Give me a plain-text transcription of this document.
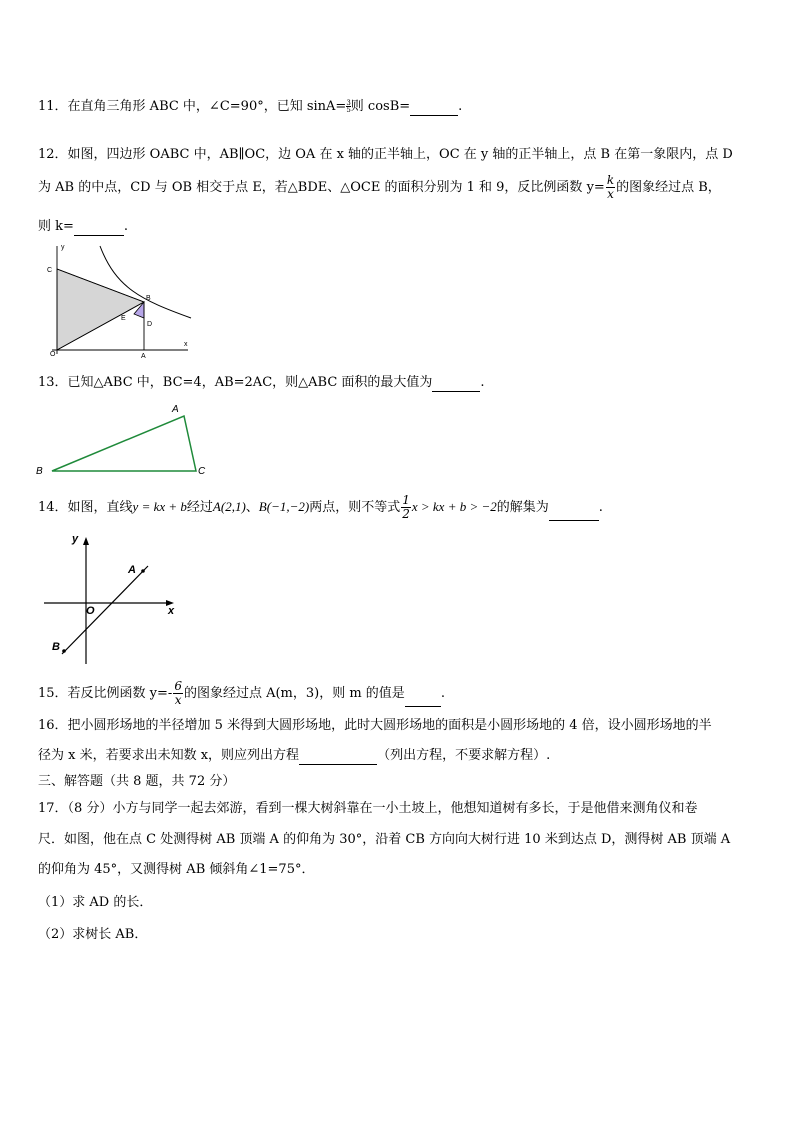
11．在直角三角形 ABC 中，∠C=90°，已知 $\sin A= \frac{3}{5}$ 则 cosB=	.
12．如图，四边形 OABC 中，AB∥OC，边 OA 在 x 轴的正半轴上，OC 在 y 轴的正半轴上，点 B 在第一象限内，点 D
为 AB 的中点，CD 与 OB 相交于点 E，若△BDE、△OCE 的面积分别为 1 和 9，反比例函数 $y= \frac{k}{x}$ 的图象经过点 B，
则 k=	.
y
x
C
B
E
D
O	A
13．已知△ABC 中，BC=4，AB=2AC，则△ABC 面积的最大值为	.
A
B	C
14．如图，直线y = kx + b经过A(2,1)、B(−1,−2)两点，则不等式 $\frac{1}{2}$ x > kx + b > −2的解集为	.
y
x
O
A
B
15．若反比例函数 $y=- \frac{6}{x}$ 的图象经过点 A(m，3)，则 m 的值是	.
16．把小圆形场地的半径增加 5 米得到大圆形场地，此时大圆形场地的面积是小圆形场地的 4 倍，设小圆形场地的半
径为 x 米，若要求出未知数 x，则应列出方程	（列出方程，不要求解方程）.
三、解答题（共 8 题，共 72 分）
17．（8 分）小方与同学一起去郊游，看到一棵大树斜靠在一小土坡上，他想知道树有多长，于是他借来测角仪和卷
尺．如图，他在点 C 处测得树 AB 顶端 A 的仰角为 30°，沿着 CB 方向向大树行进 10 米到达点 D，测得树 AB 顶端 A
的仰角为 45°，又测得树 AB 倾斜角∠1=75°．
（1）求 AD 的长．
（2）求树长 AB．
